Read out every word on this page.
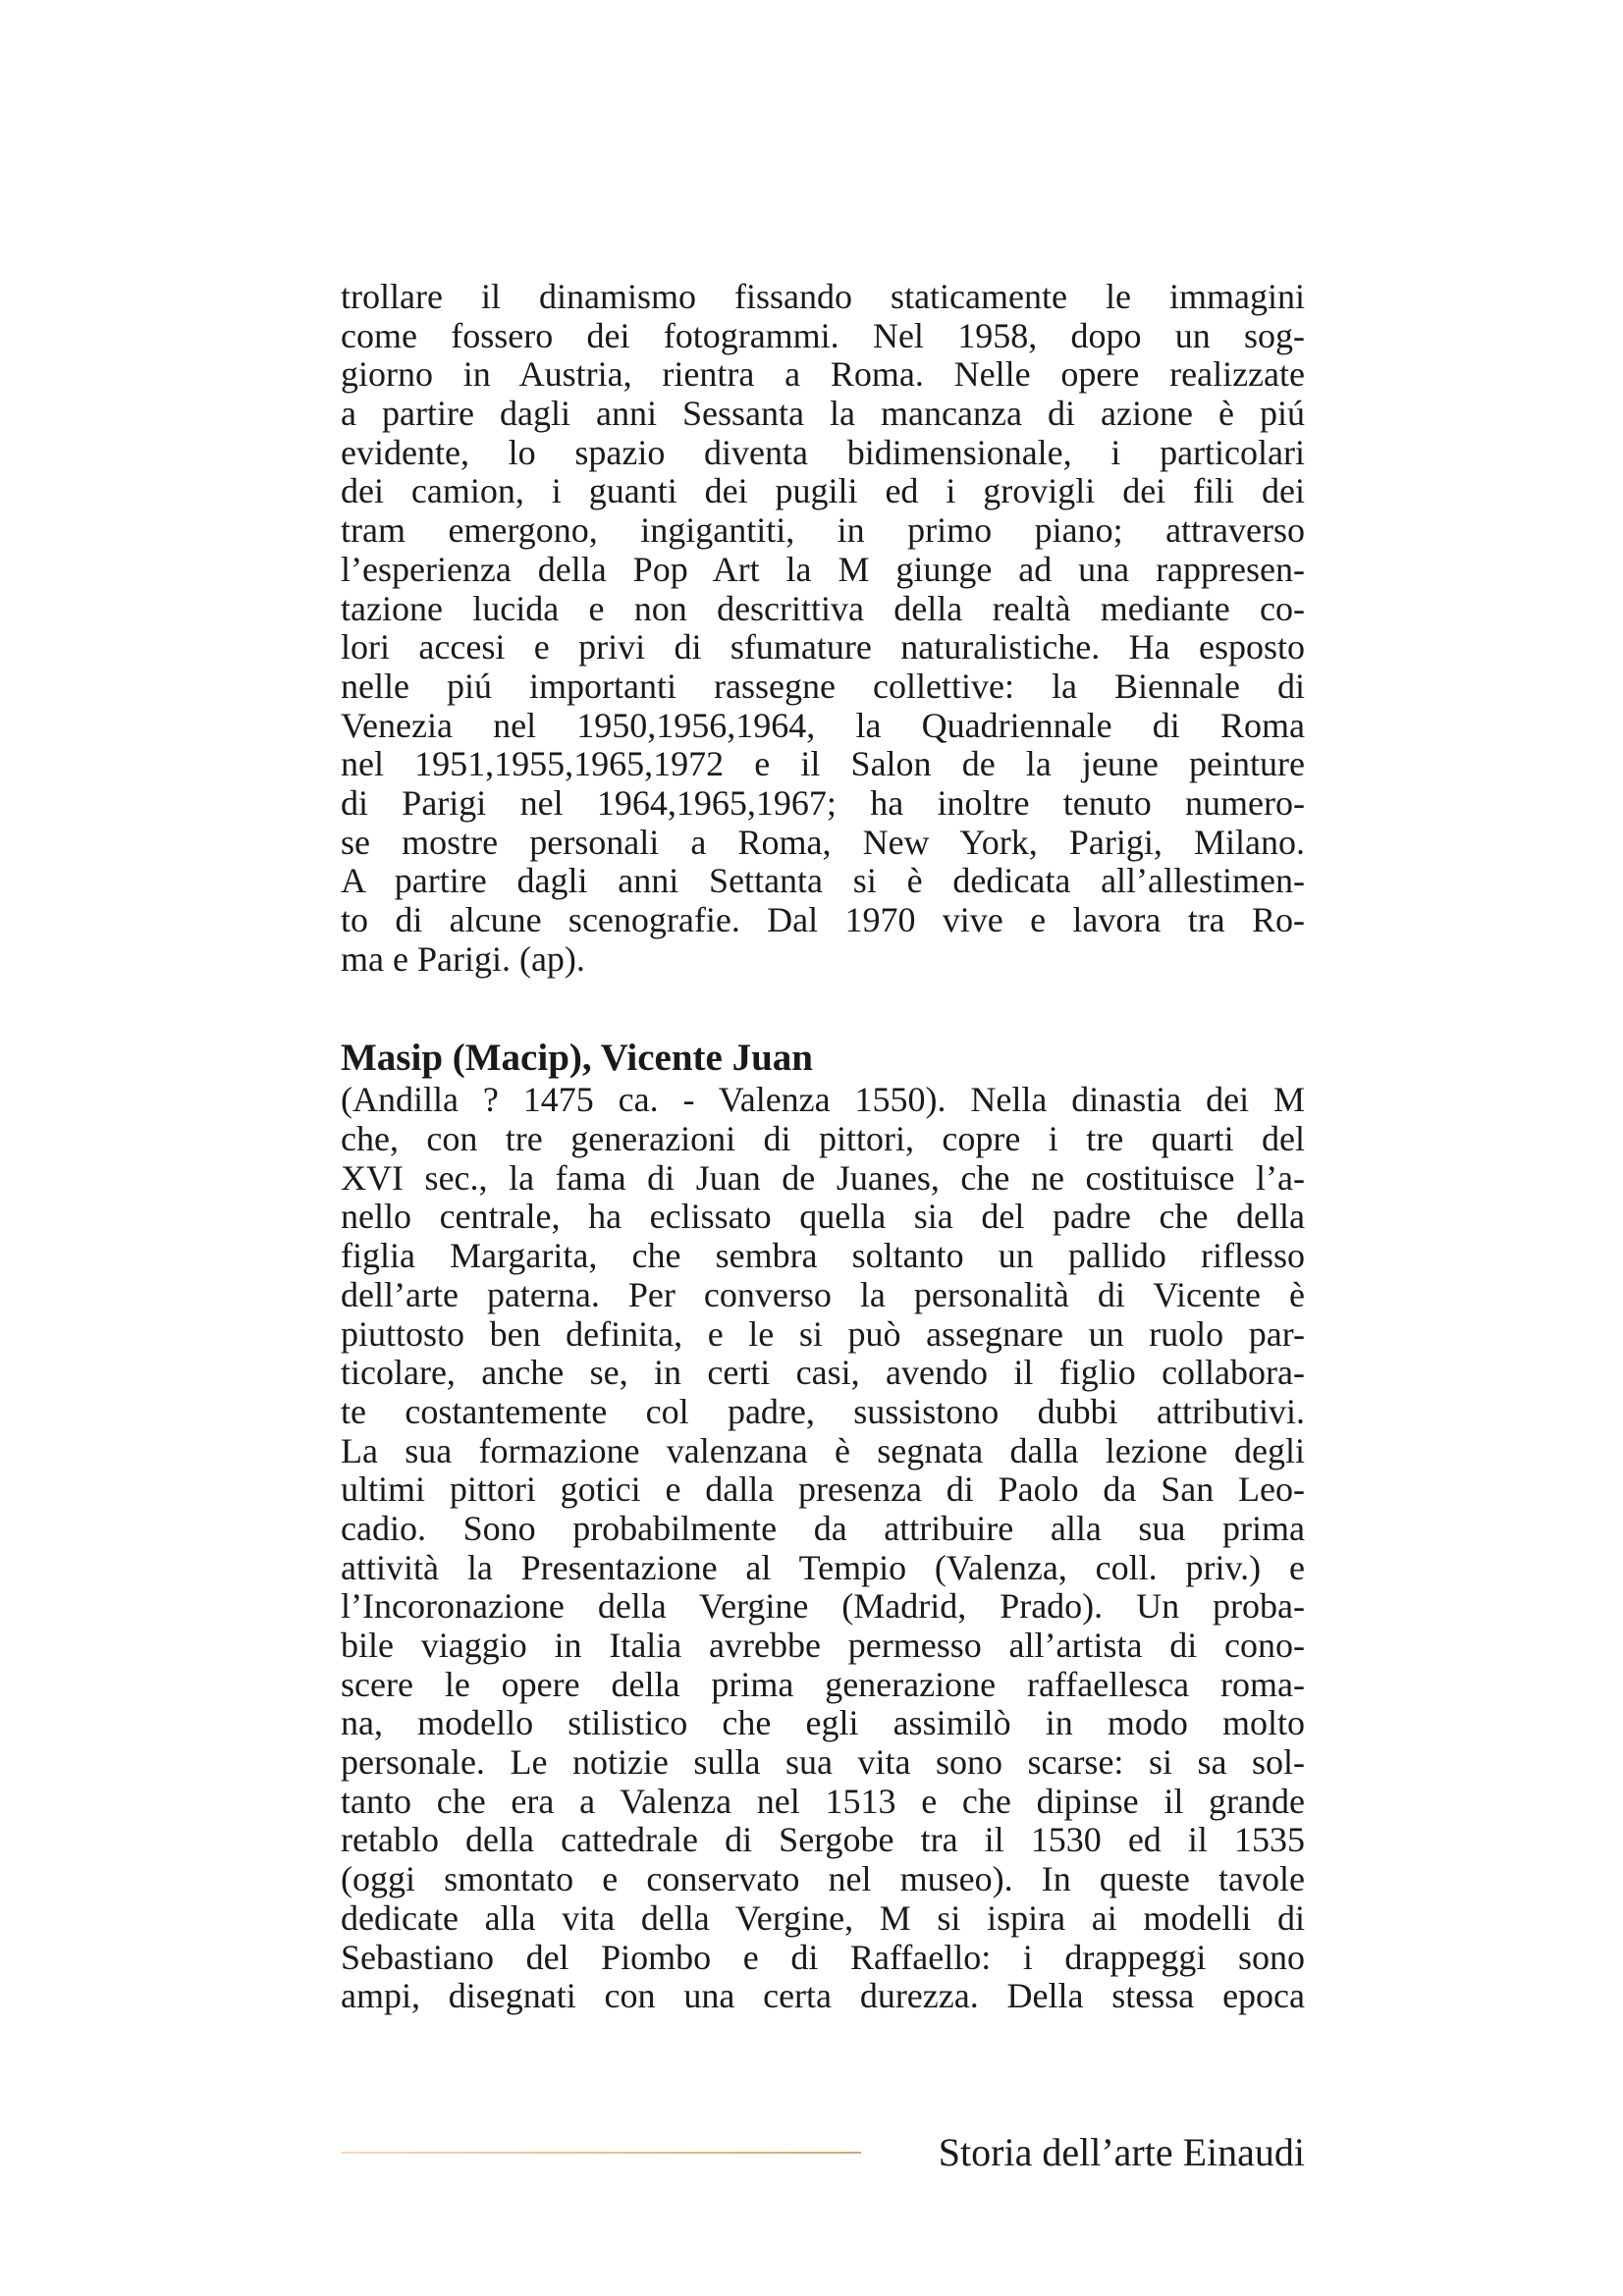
trollare il dinamismo fissando staticamente le immagini
come fossero dei fotogrammi. Nel 1958, dopo un sog-
giorno in Austria, rientra a Roma. Nelle opere realizzate
a partire dagli anni Sessanta la mancanza di azione è piú
evidente, lo spazio diventa bidimensionale, i particolari
dei camion, i guanti dei pugili ed i grovigli dei fili dei
tram emergono, ingigantiti, in primo piano; attraverso
l’esperienza della Pop Art la M giunge ad una rappresen-
tazione lucida e non descrittiva della realtà mediante co-
lori accesi e privi di sfumature naturalistiche. Ha esposto
nelle piú importanti rassegne collettive: la Biennale di
Venezia nel 1950,1956,1964, la Quadriennale di Roma
nel 1951,1955,1965,1972 e il Salon de la jeune peinture
di Parigi nel 1964,1965,1967; ha inoltre tenuto numero-
se mostre personali a Roma, New York, Parigi, Milano.
A partire dagli anni Settanta si è dedicata all’allestimen-
to di alcune scenografie. Dal 1970 vive e lavora tra Ro-
ma e Parigi. (ap).
Masip (Macip), Vicente Juan
(Andilla ? 1475 ca. - Valenza 1550). Nella dinastia dei M
che, con tre generazioni di pittori, copre i tre quarti del
XVI sec., la fama di Juan de Juanes, che ne costituisce l’a-
nello centrale, ha eclissato quella sia del padre che della
figlia Margarita, che sembra soltanto un pallido riflesso
dell’arte paterna. Per converso la personalità di Vicente è
piuttosto ben definita, e le si può assegnare un ruolo par-
ticolare, anche se, in certi casi, avendo il figlio collabora-
te costantemente col padre, sussistono dubbi attributivi.
La sua formazione valenzana è segnata dalla lezione degli
ultimi pittori gotici e dalla presenza di Paolo da San Leo-
cadio. Sono probabilmente da attribuire alla sua prima
attività la Presentazione al Tempio (Valenza, coll. priv.) e
l’Incoronazione della Vergine (Madrid, Prado). Un proba-
bile viaggio in Italia avrebbe permesso all’artista di cono-
scere le opere della prima generazione raffaellesca roma-
na, modello stilistico che egli assimilò in modo molto
personale. Le notizie sulla sua vita sono scarse: si sa sol-
tanto che era a Valenza nel 1513 e che dipinse il grande
retablo della cattedrale di Sergobe tra il 1530 ed il 1535
(oggi smontato e conservato nel museo). In queste tavole
dedicate alla vita della Vergine, M si ispira ai modelli di
Sebastiano del Piombo e di Raffaello: i drappeggi sono
ampi, disegnati con una certa durezza. Della stessa epoca
Storia dell’arte Einaudi
